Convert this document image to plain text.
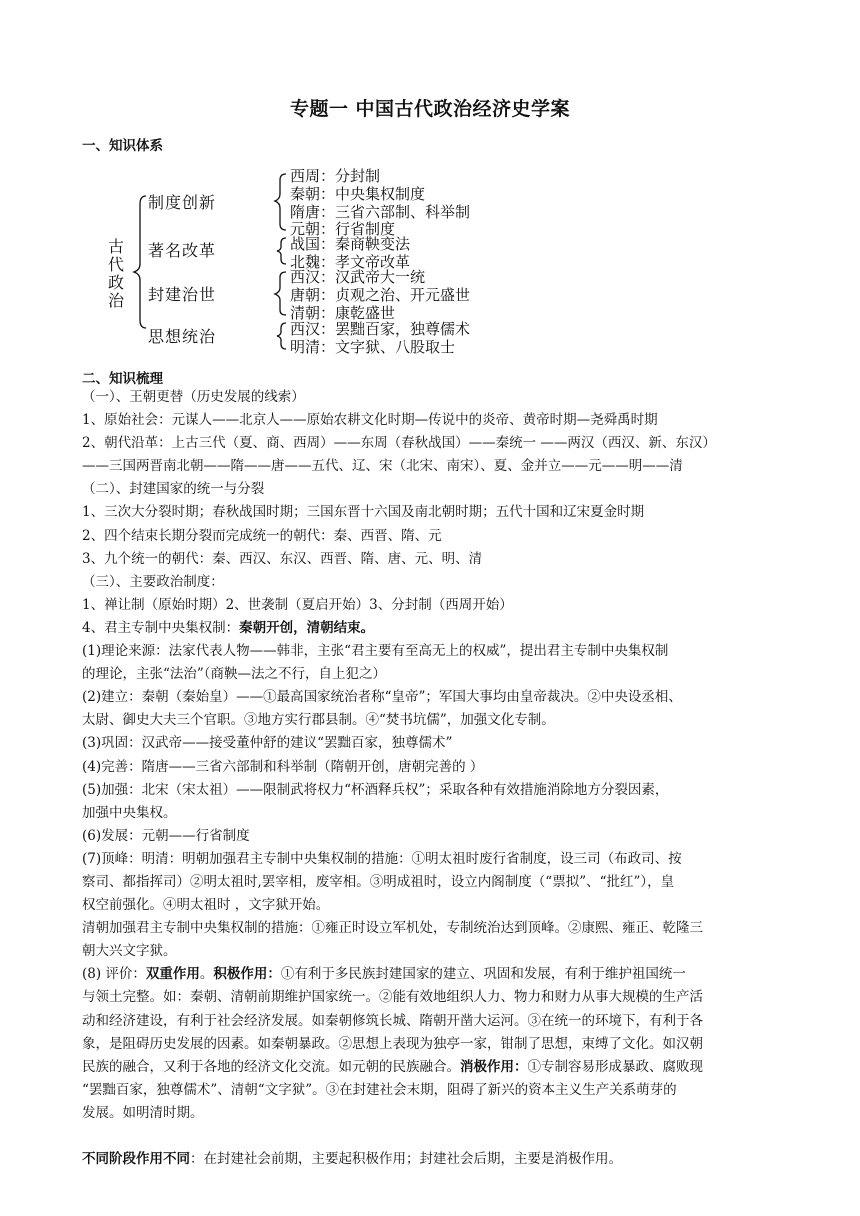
专题一 中国古代政治经济史学案
一、知识体系
古
代
政
治
制度创新
著名改革
封建治世
思想统治
西周：分封制
秦朝：中央集权制度
隋唐：三省六部制、科举制
元朝：行省制度
战国：秦商鞅变法
北魏：孝文帝改革
西汉：汉武帝大一统
唐朝：贞观之治、开元盛世
清朝：康乾盛世
西汉：罢黜百家，独尊儒术
明清：文字狱、八股取士
二、知识梳理
（一）、王朝更替（历史发展的线索）
1、原始社会：元谋人——北京人——原始农耕文化时期—传说中的炎帝、黄帝时期—尧舜禹时期
2、朝代沿革：上古三代（夏、商、西周）——东周（春秋战国）——秦统一 ——两汉（西汉、新、东汉）
——三国两晋南北朝——隋——唐——五代、辽、宋（北宋、南宋）、夏、金并立——元——明——清
（二）、封建国家的统一与分裂
1、三次大分裂时期；春秋战国时期；三国东晋十六国及南北朝时期；五代十国和辽宋夏金时期
2、四个结束长期分裂而完成统一的朝代：秦、西晋、隋、元
3、九个统一的朝代：秦、西汉、东汉、西晋、隋、唐、元、明、清
（三）、主要政治制度：
1、禅让制（原始时期）2、世袭制（夏启开始）3、分封制（西周开始）
4、君主专制中央集权制：秦朝开创，清朝结束。
(1)理论来源：法家代表人物——韩非，主张“君主要有至高无上的权威”，提出君主专制中央集权制
的理论，主张“法治”（商鞅—法之不行，自上犯之）
(2)建立：秦朝（秦始皇）——①最高国家统治者称“皇帝”；军国大事均由皇帝裁决。②中央设丞相、
太尉、御史大夫三个官职。③地方实行郡县制。④“焚书坑儒”，加强文化专制。
(3)巩固：汉武帝——接受董仲舒的建议“罢黜百家，独尊儒术”
(4)完善：隋唐——三省六部制和科举制（隋朝开创，唐朝完善的 ）
(5)加强：北宋（宋太祖）——限制武将权力“杯酒释兵权”；采取各种有效措施消除地方分裂因素，
加强中央集权。
(6)发展：元朝——行省制度
(7)顶峰：明清：明朝加强君主专制中央集权制的措施：①明太祖时废行省制度，设三司（布政司、按
察司、都指挥司）②明太祖时,罢宰相，废宰相。③明成祖时，设立内阁制度（“票拟”、“批红”），皇
权空前强化。④明太祖时 ，文字狱开始。
清朝加强君主专制中央集权制的措施：①雍正时设立军机处，专制统治达到顶峰。②康熙、雍正、乾隆三
朝大兴文字狱。
(8) 评价：双重作用。积极作用：①有利于多民族封建国家的建立、巩固和发展，有利于维护祖国统一
与领土完整。如：秦朝、清朝前期维护国家统一。②能有效地组织人力、物力和财力从事大规模的生产活
动和经济建设，有利于社会经济发展。如秦朝修筑长城、隋朝开凿大运河。③在统一的环境下，有利于各
象，是阻碍历史发展的因素。如秦朝暴政。②思想上表现为独亭一家，钳制了思想，束缚了文化。如汉朝
民族的融合，又利于各地的经济文化交流。如元朝的民族融合。消极作用：①专制容易形成暴政、腐败现
“罢黜百家，独尊儒术”、清朝“文字狱”。③在封建社会末期，阻碍了新兴的资本主义生产关系萌芽的
发展。如明清时期。
不同阶段作用不同：在封建社会前期，主要起积极作用；封建社会后期，主要是消极作用。
